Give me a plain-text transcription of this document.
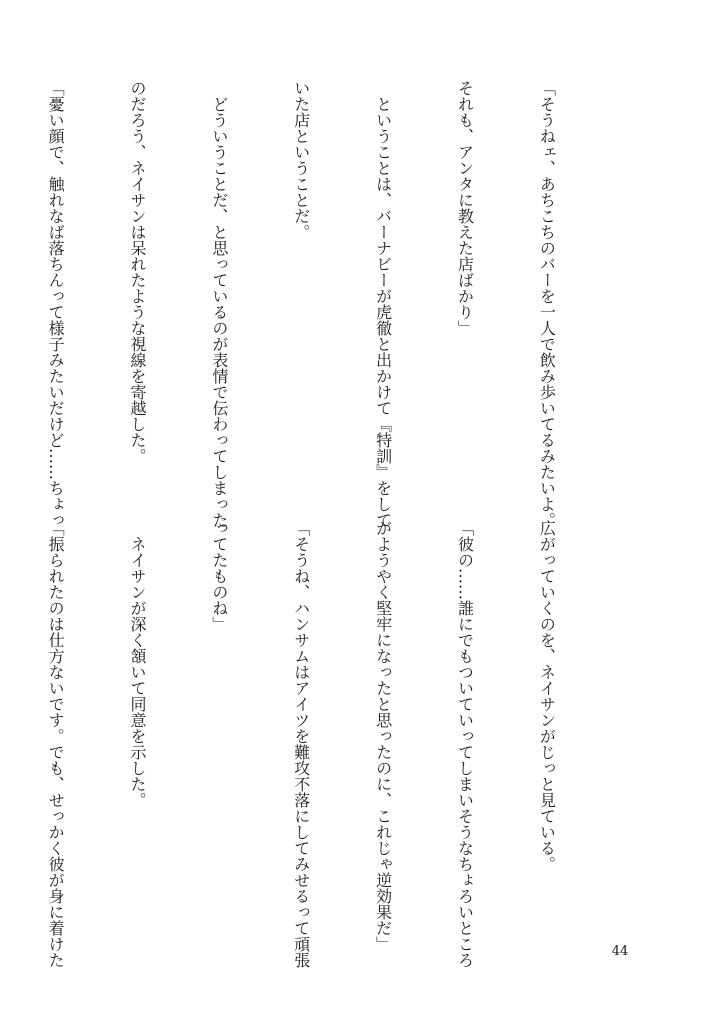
「そうねェ、あちこちのバーを一人で飲み歩いてるみたいよ。

それも、アンタに教えた店ばかり」

　ということは、バーナビーが虎徹と出かけて『特訓』をして

いた店ということだ。

　どういうことだ、と思っているのが表情で伝わってしまった

のだろう、ネイサンは呆れたような視線を寄越した。

「憂い顔で、触れなば落ちんって様子みたいだけど……ちょっ

広がっていくのを、ネイサンがじっと見ている。

「彼の……誰にでもついていってしまいそうなちょろいところ

がようやく堅牢になったと思ったのに、これじゃ逆効果だ」

「そうね、ハンサムはアイツを難攻不落にしてみせるって頑張

ってたものね」

　ネイサンが深く頷いて同意を示した。

「振られたのは仕方ないです。でも、せっかく彼が身に着けた

	44
